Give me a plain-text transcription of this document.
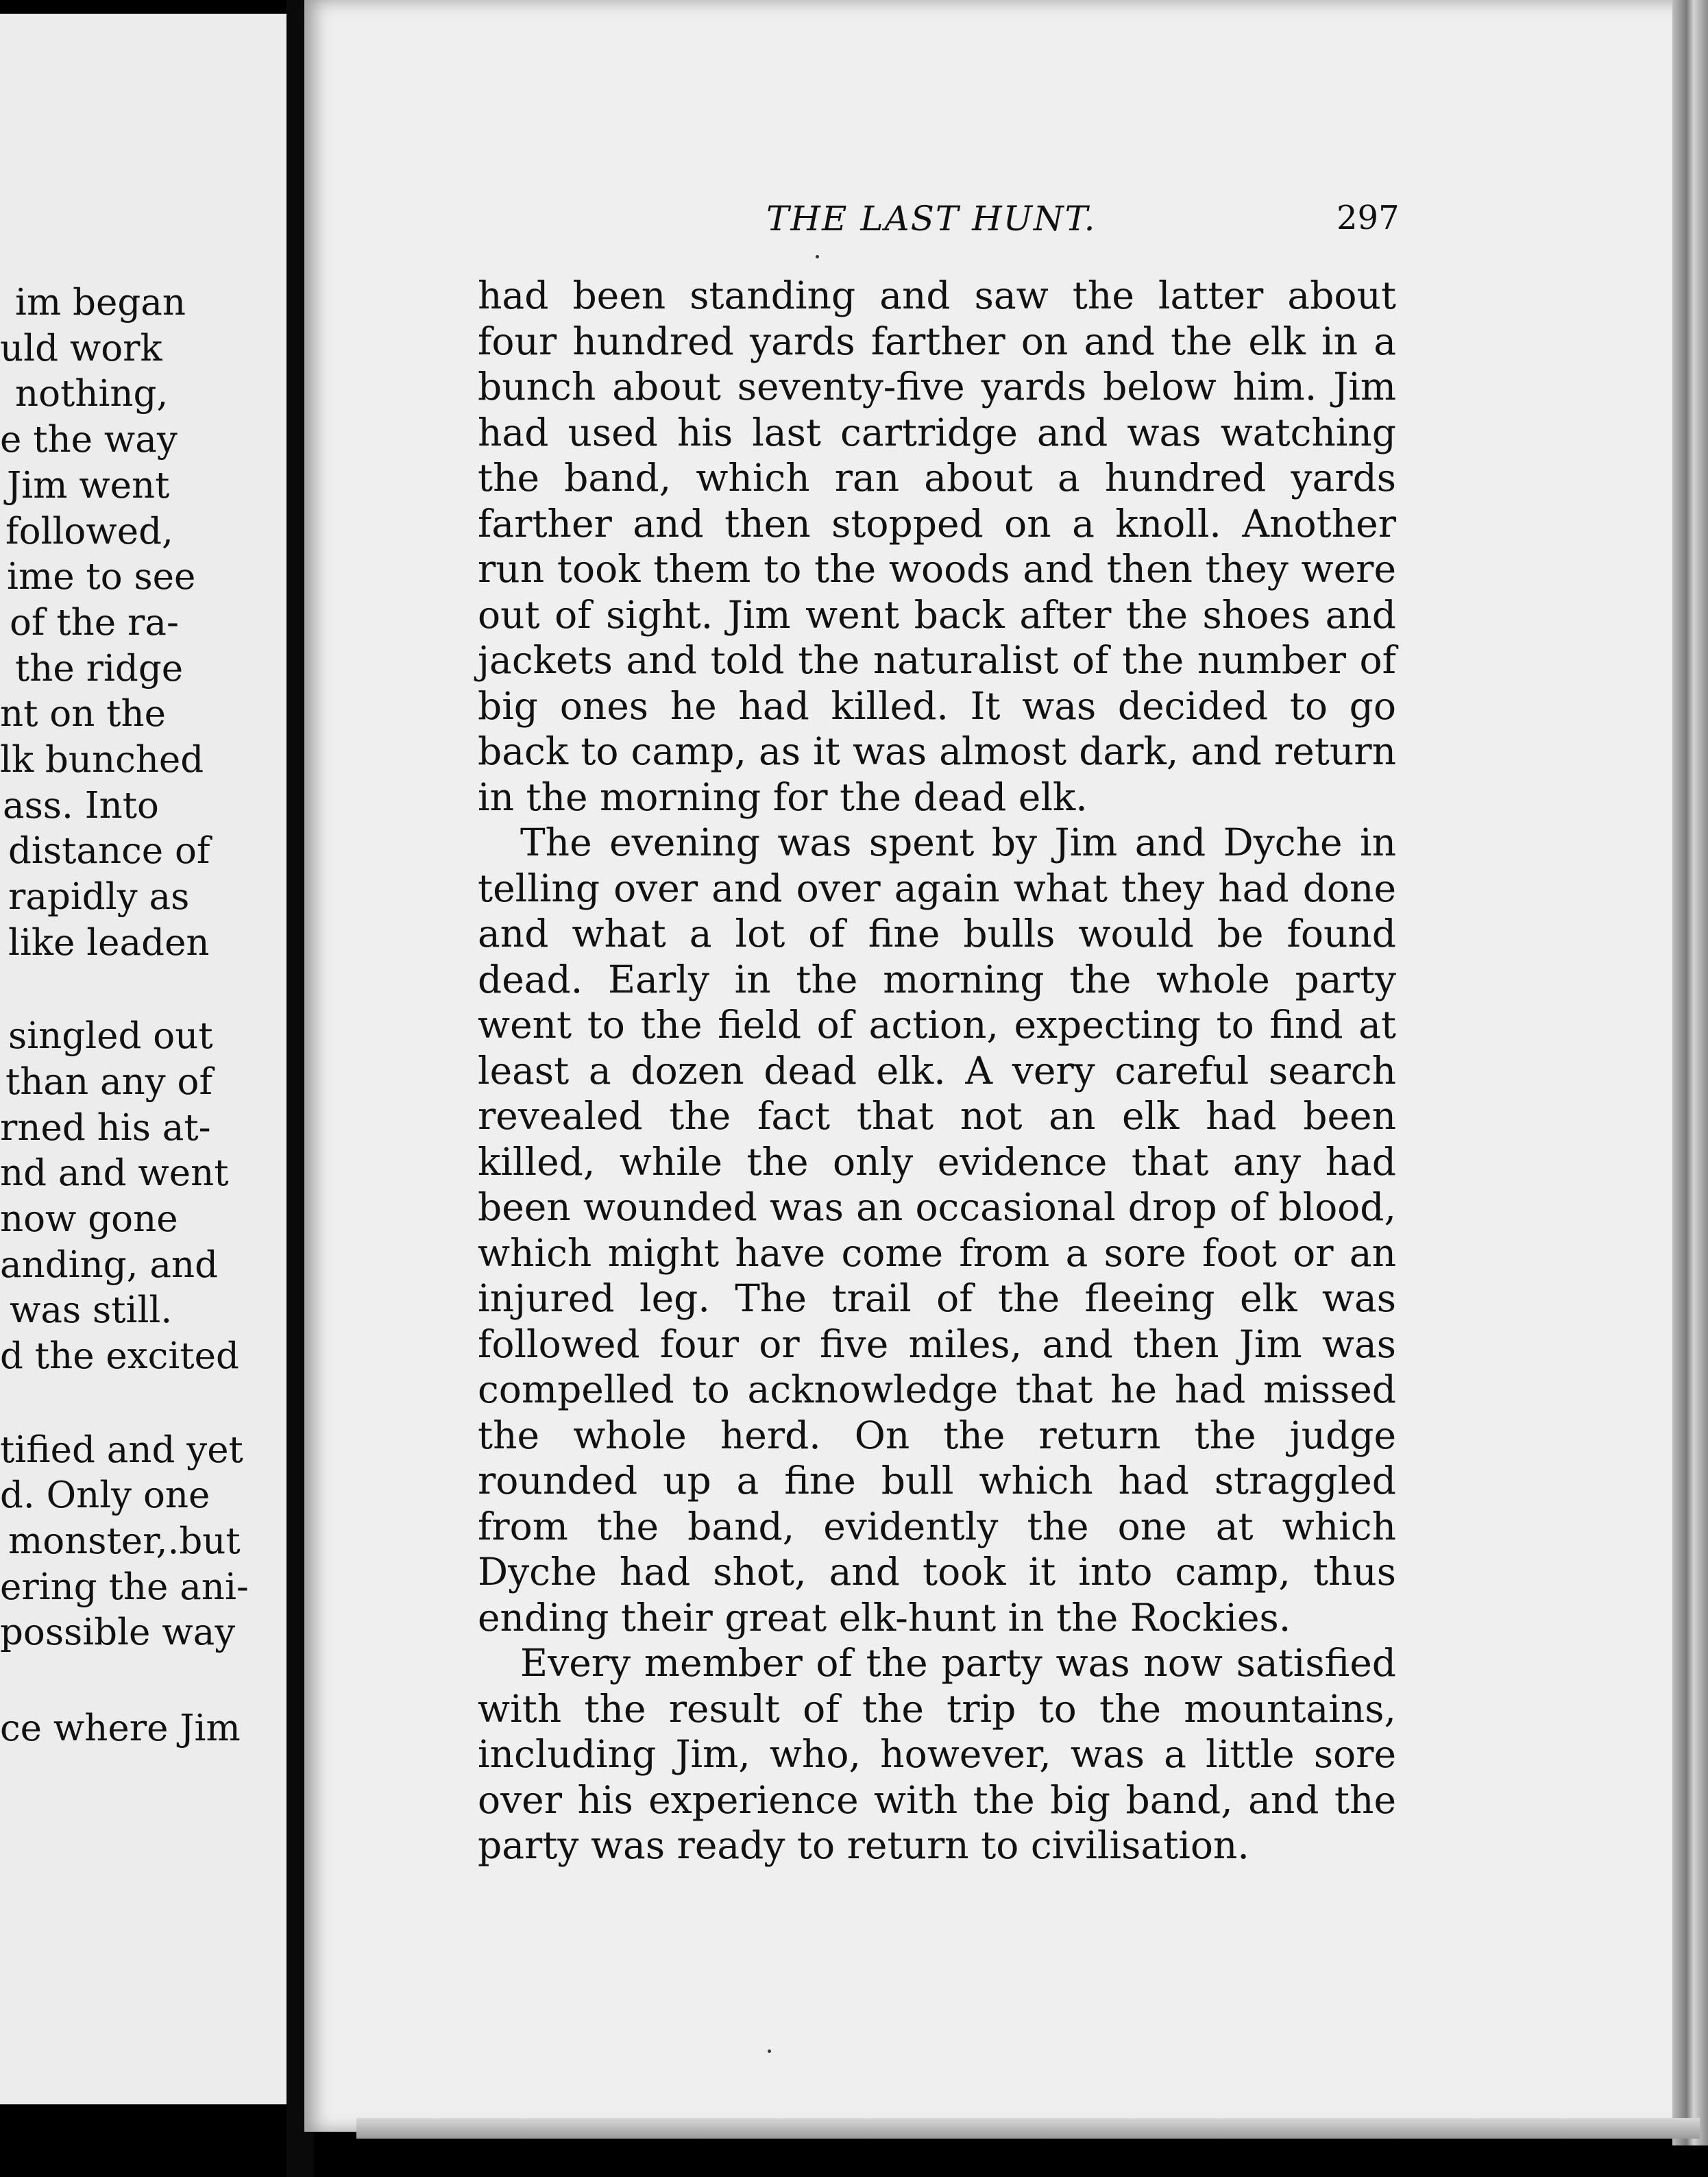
im began

uld work

nothing,

e the way

Jim went

followed,

ime to see

of the ra-

the ridge

nt on the

lk bunched

ass. Into

distance of

rapidly as

like leaden

singled out

than any of

rned his at-

nd and went

now gone

anding, and

was still.

d the excited

tified and yet

d. Only one

monster,.but

ering the ani-

possible way

ce where Jim

THE LAST HUNT.	297

had been standing and saw the latter about four hundred yards farther on and the elk in a bunch about seventy-five yards below him. Jim had used his last cartridge and was watching the band, which ran about a hundred yards farther and then stopped on a knoll. Another run took them to the woods and then they were out of sight. Jim went back after the shoes and jackets and told the naturalist of the number of big ones he had killed. It was decided to go back to camp, as it was almost dark, and return in the morning for the dead elk.

The evening was spent by Jim and Dyche in telling over and over again what they had done and what a lot of fine bulls would be found dead. Early in the morning the whole party went to the field of action, expecting to find at least a dozen dead elk. A very careful search revealed the fact that not an elk had been killed, while the only evidence that any had been wounded was an occasional drop of blood, which might have come from a sore foot or an injured leg. The trail of the fleeing elk was followed four or five miles, and then Jim was compelled to acknowledge that he had missed the whole herd. On the return the judge rounded up a fine bull which had straggled from the band, evidently the one at which Dyche had shot, and took it into camp, thus ending their great elk-hunt in the Rockies.

Every member of the party was now satisfied with the result of the trip to the mountains, including Jim, who, however, was a little sore over his experience with the big band, and the party was ready to return to civilisation.
